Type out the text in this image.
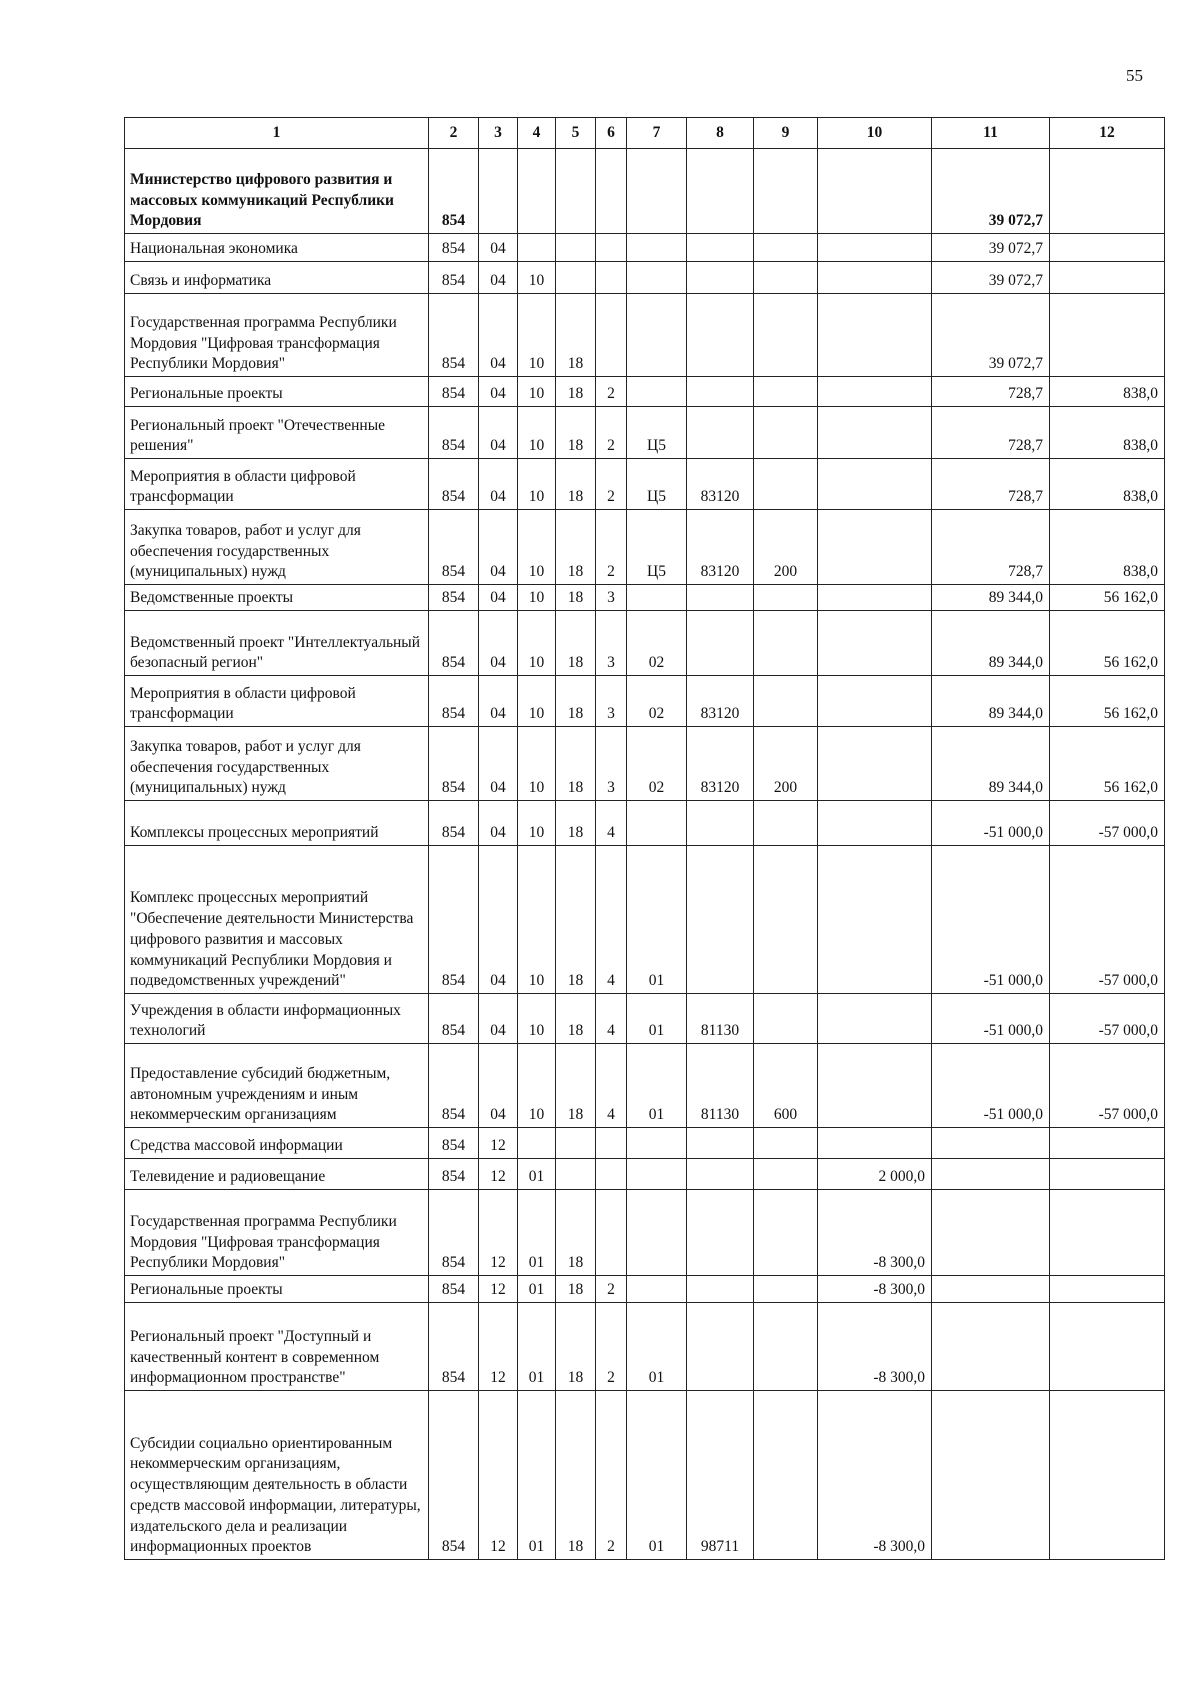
55
1	2	3	4	5	6	7	8	9	10	11	12
Министерство цифрового развития и массовых коммуникаций Республики Мордовия	854									39 072,7	
Национальная экономика	854	04								39 072,7	
Связь и информатика	854	04	10							39 072,7	
Государственная программа Республики Мордовия "Цифровая трансформация Республики Мордовия"	854	04	10	18						39 072,7	
Региональные проекты	854	04	10	18	2					728,7	838,0
Региональный проект "Отечественные решения"	854	04	10	18	2	Ц5				728,7	838,0
Мероприятия в области цифровой трансформации	854	04	10	18	2	Ц5	83120			728,7	838,0
Закупка товаров, работ и услуг для обеспечения государственных (муниципальных) нужд	854	04	10	18	2	Ц5	83120	200		728,7	838,0
Ведомственные проекты	854	04	10	18	3					89 344,0	56 162,0
Ведомственный проект "Интеллектуальный безопасный регион"	854	04	10	18	3	02				89 344,0	56 162,0
Мероприятия в области цифровой трансформации	854	04	10	18	3	02	83120			89 344,0	56 162,0
Закупка товаров, работ и услуг для обеспечения государственных (муниципальных) нужд	854	04	10	18	3	02	83120	200		89 344,0	56 162,0
Комплексы процессных мероприятий	854	04	10	18	4					-51 000,0	-57 000,0
Комплекс процессных мероприятий "Обеспечение деятельности Министерства цифрового развития и массовых коммуникаций Республики Мордовия и подведомственных учреждений"	854	04	10	18	4	01				-51 000,0	-57 000,0
Учреждения в области информационных технологий	854	04	10	18	4	01	81130			-51 000,0	-57 000,0
Предоставление субсидий бюджетным, автономным учреждениям и иным некоммерческим организациям	854	04	10	18	4	01	81130	600		-51 000,0	-57 000,0
Средства массовой информации	854	12									
Телевидение и радиовещание	854	12	01						2 000,0		
Государственная программа Республики Мордовия "Цифровая трансформация Республики Мордовия"	854	12	01	18					-8 300,0		
Региональные проекты	854	12	01	18	2				-8 300,0		
Региональный проект "Доступный и качественный контент в современном информационном пространстве"	854	12	01	18	2	01			-8 300,0		
Субсидии социально ориентированным некоммерческим организациям, осуществляющим деятельность в области средств массовой информации, литературы, издательского дела и реализации информационных проектов	854	12	01	18	2	01	98711		-8 300,0		
